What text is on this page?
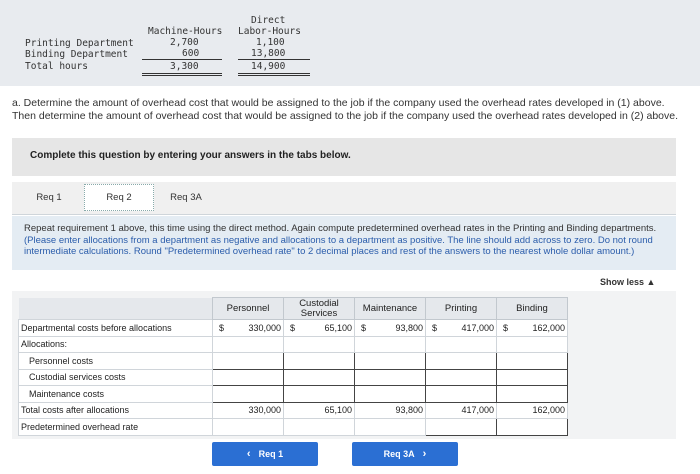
Machine-Hours
Direct
Labor-Hours
Printing Department	2,700	1,100
Binding Department	600	13,800
Total hours	3,300	14,900
a. Determine the amount of overhead cost that would be assigned to the job if the company used the overhead rates developed in (1) above. Then determine the amount of overhead cost that would be assigned to the job if the company used the overhead rates developed in (2) above.
Complete this question by entering your answers in the tabs below.
Req 1	Req 2	Req 3A
Repeat requirement 1 above, this time using the direct method. Again compute predetermined overhead rates in the Printing and Binding departments. (Please enter allocations from a department as negative and allocations to a department as positive. The line should add across to zero. Do not round intermediate calculations. Round "Predetermined overhead rate" to 2 decimal places and rest of the answers to the nearest whole dollar amount.)
Show less ▲
	Personnel	Custodial Services	Maintenance	Printing	Binding
Departmental costs before allocations	$ 330,000	$ 65,100	$ 93,800	$ 417,000	$ 162,000

Allocations:					
Personnel costs					
Custodial services costs					
Maintenance costs					
Total costs after allocations	330,000	65,100	93,800	417,000	162,000
Predetermined overhead rate					
‹ Req 1	Req 3A ›
